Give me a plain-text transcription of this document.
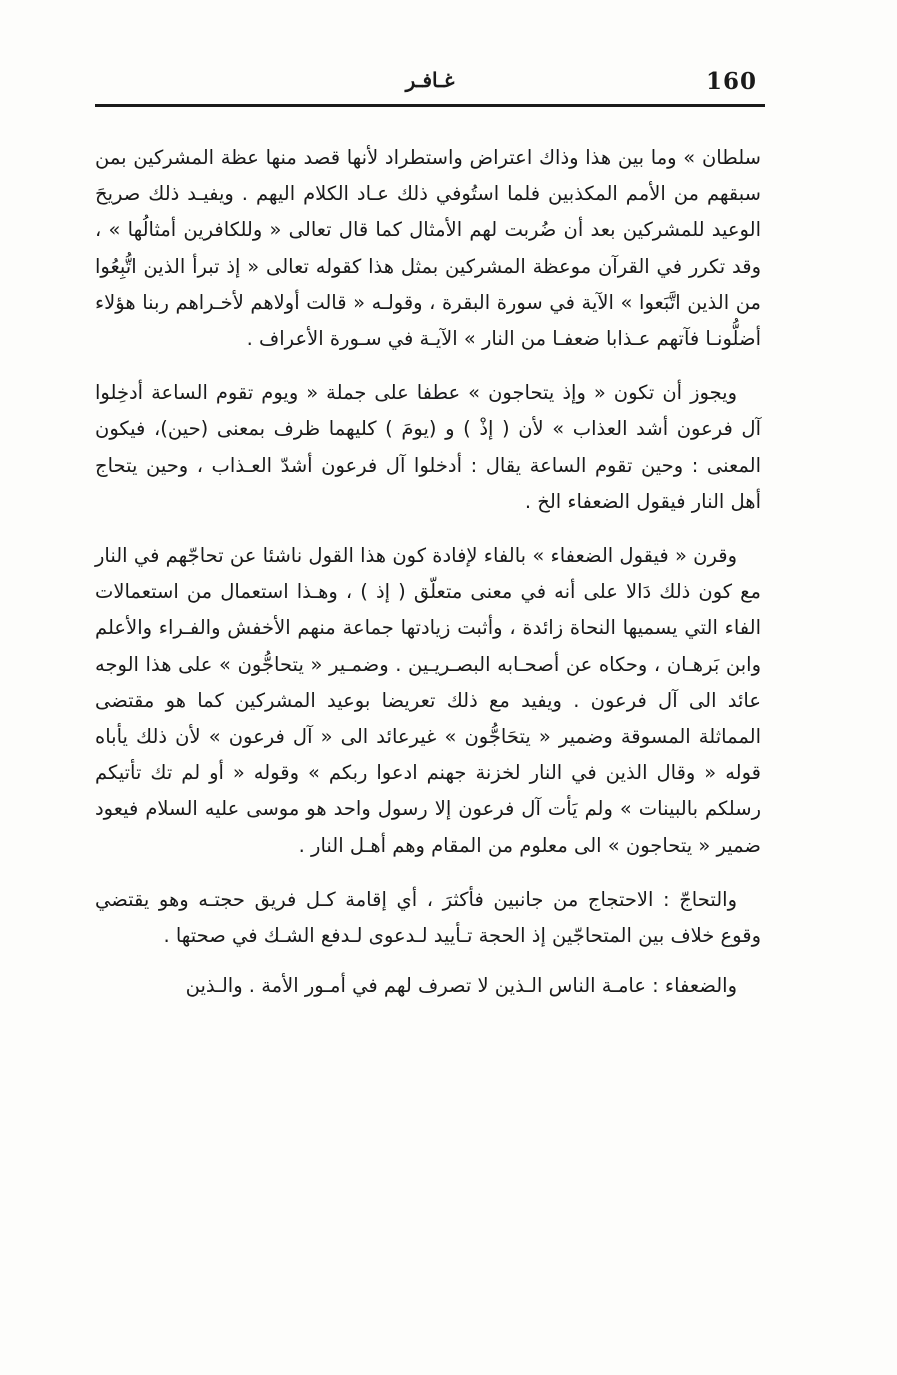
160
غـافـر

سلطان » وما بين هذا وذاك اعتراض واستطراد لأنها قصد منها عظة المشركين بمن سبقهم من الأمم المكذبين فلما استُوفي ذلك عـاد الكلام اليهم . ويفيـد ذلك صريحَ الوعيد للمشركين بعد أن ضُربت لهم الأمثال كما قال تعالى « وللكافرين أمثالُها » ، وقد تكرر في القرآن موعظة المشركين بمثل هذا كقوله تعالى « إذ تبرأ الذين اتُّبِعُوا من الذين اتَّبَعوا » الآية في سورة البقرة ، وقولـه « قالت أولاهم لأخـراهم ربنا هؤلاء أضلُّونـا فآتهم عـذابا ضعفـا من النار » الآيـة في سـورة الأعراف .

ويجوز أن تكون « وإذ يتحاجون » عطفا على جملة « ويوم تقوم الساعة أدخِلوا آل فرعون أشد العذاب » لأن ( إذْ ) و (يومَ ) كليهما ظرف بمعنى (حين)، فيكون المعنى : وحين تقوم الساعة يقال : أدخلوا آل فرعون أشدّ العـذاب ، وحين يتحاج أهل النار فيقول الضعفاء الخ .

وقرن « فيقول الضعفاء » بالفاء لإفادة كون هذا القول ناشئا عن تحاجّهم في النار مع كون ذلك دَالا على أنه في معنى متعلّق ( إذ ) ، وهـذا استعمال من استعمالات الفاء التي يسميها النحاة زائدة ، وأثبت زيادتها جماعة منهم الأخفش والفـراء والأعلم وابن بَرهـان ، وحكاه عن أصحـابه البصـريـين . وضمـير « يتحاجُّون » على هذا الوجه عائد الى آل فرعون . ويفيد مع ذلك تعريضا بوعيد المشركين كما هو مقتضى المماثلة المسوقة وضمير « يتحَاجُّون » غيرعائد الى « آل فرعون » لأن ذلك يأباه قوله « وقال الذين في النار لخزنة جهنم ادعوا ربكم » وقوله « أو لم تك تأتيكم رسلكم بالبينات » ولم يَأت آل فرعون إلا رسول واحد هو موسى عليه السلام فيعود ضمير « يتحاجون » الى معلوم من المقام وهم أهـل النار .

والتحاجّ : الاحتجاج من جانبين فأكثرَ ، أي إقامة كـل فريق حجتـه وهو يقتضي وقوع خلاف بين المتحاجّين إذ الحجة تـأييد لـدعوى لـدفع الشـك في صحتها .

والضعفاء : عامـة الناس الـذين لا تصرف لهم في أمـور الأمة . والـذين
